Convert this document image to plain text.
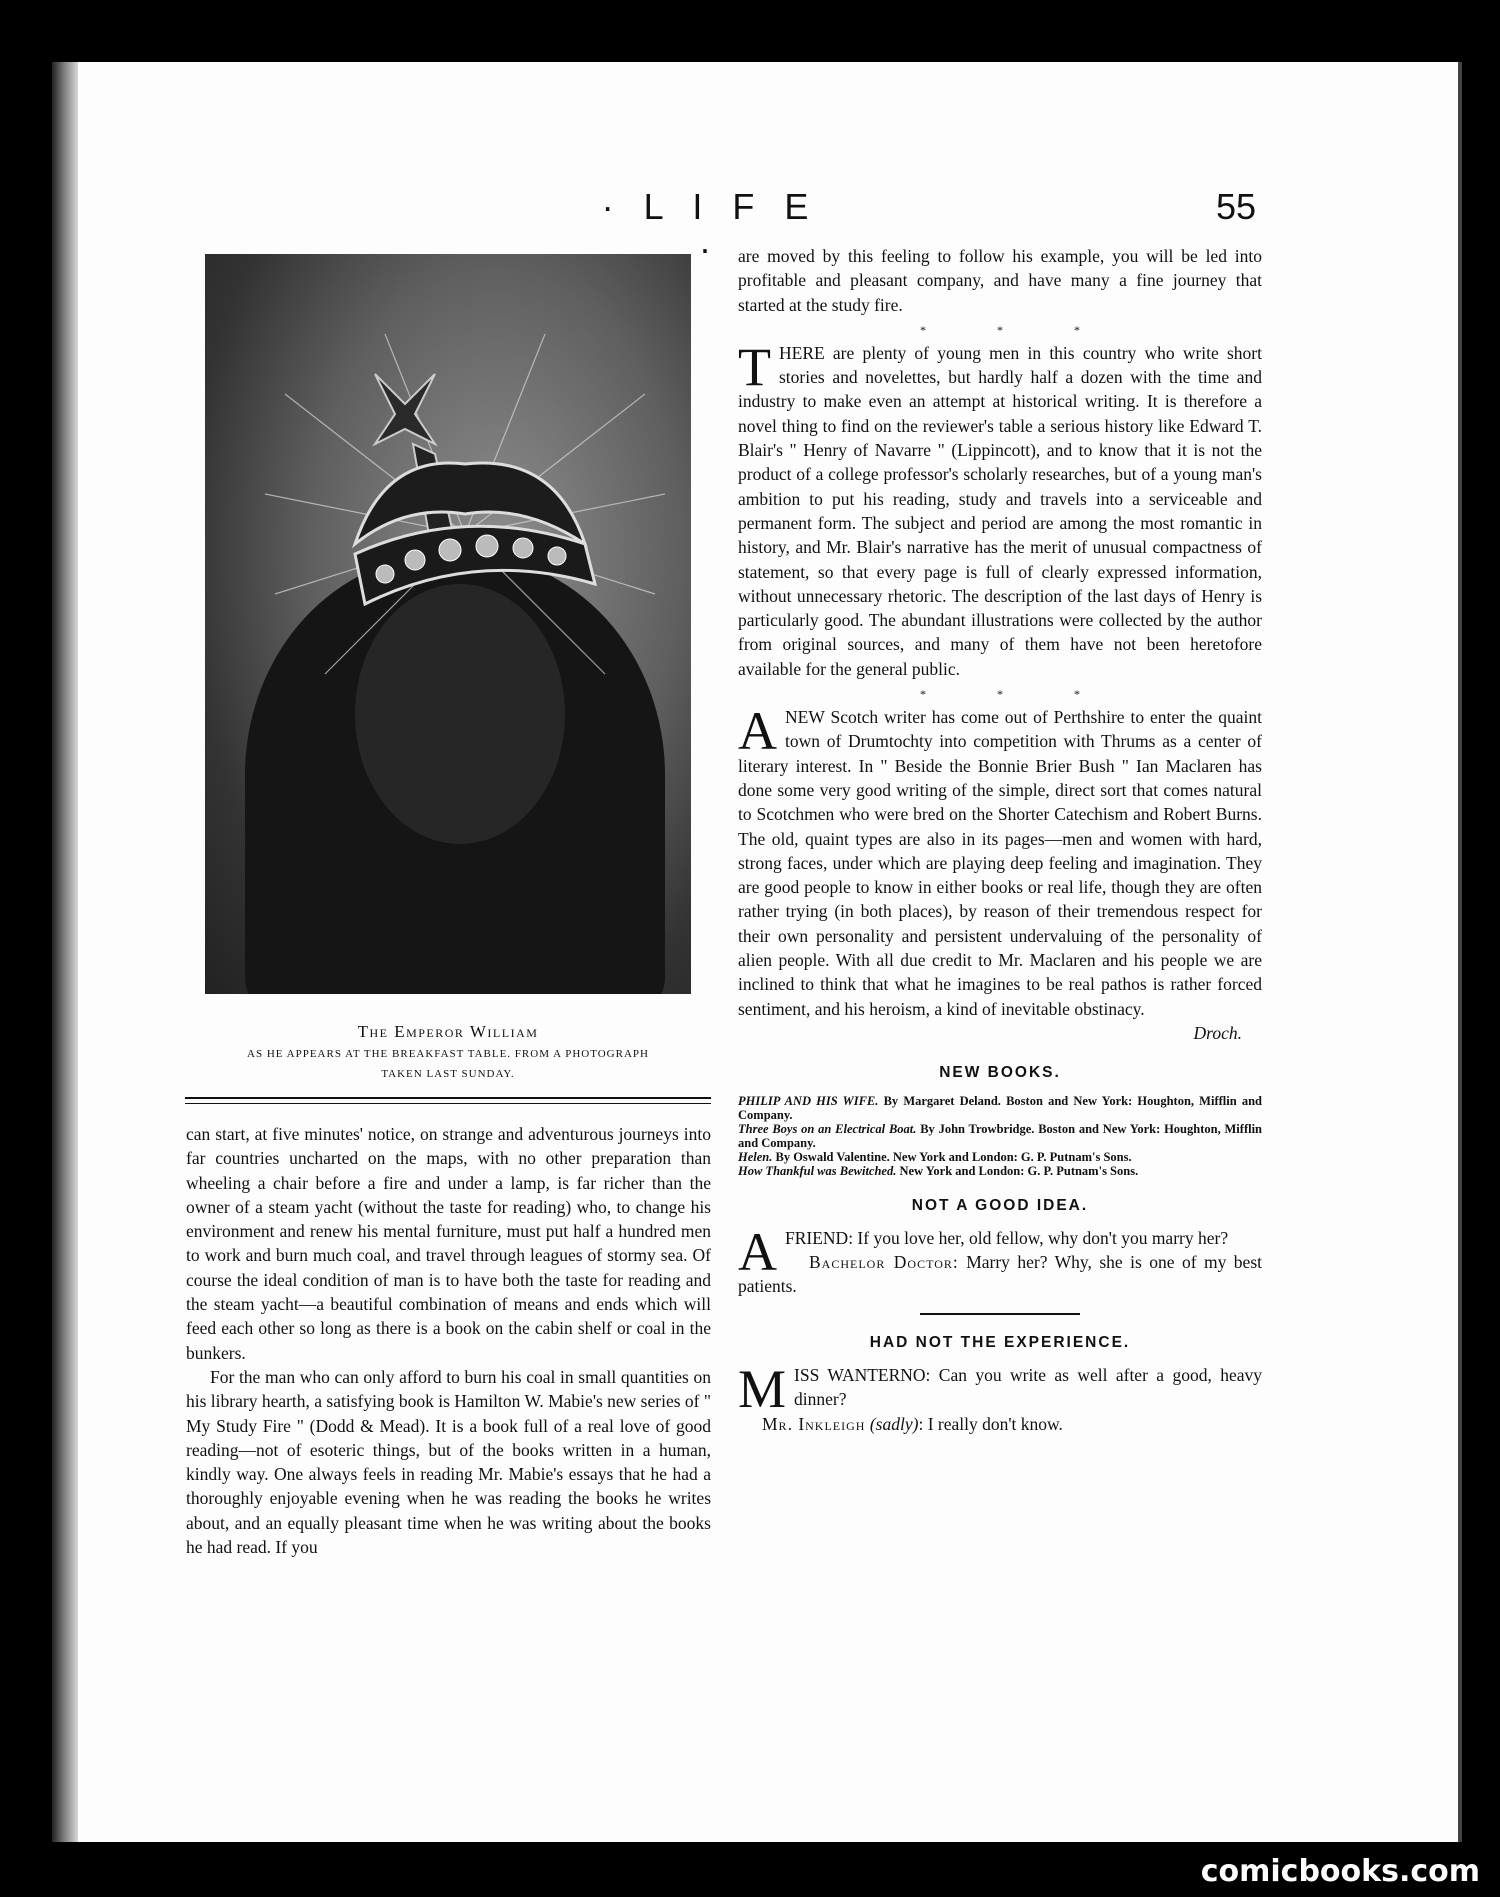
· L I F E ·
55
The Emperor William
AS HE APPEARS AT THE BREAKFAST TABLE. FROM A PHOTOGRAPH
TAKEN LAST SUNDAY.

can start, at five minutes' notice, on strange and adventurous journeys into far countries uncharted on the maps, with no other preparation than wheeling a chair before a fire and under a lamp, is far richer than the owner of a steam yacht (without the taste for reading) who, to change his environment and renew his mental furniture, must put half a hundred men to work and burn much coal, and travel through leagues of stormy sea. Of course the ideal condition of man is to have both the taste for reading and the steam yacht—a beautiful combination of means and ends which will feed each other so long as there is a book on the cabin shelf or coal in the bunkers.

For the man who can only afford to burn his coal in small quantities on his library hearth, a satisfying book is Hamilton W. Mabie's new series of " My Study Fire " (Dodd & Mead). It is a book full of a real love of good reading—not of esoteric things, but of the books written in a human, kindly way. One always feels in reading Mr. Mabie's essays that he had a thoroughly enjoyable evening when he was reading the books he writes about, and an equally pleasant time when he was writing about the books he had read. If you

are moved by this feeling to follow his example, you will be led into profitable and pleasant company, and have many a fine journey that started at the study fire.

* * *

THERE are plenty of young men in this country who write short stories and novelettes, but hardly half a dozen with the time and industry to make even an attempt at historical writing. It is therefore a novel thing to find on the reviewer's table a serious history like Edward T. Blair's " Henry of Navarre " (Lippincott), and to know that it is not the product of a college professor's scholarly researches, but of a young man's ambition to put his reading, study and travels into a serviceable and permanent form. The subject and period are among the most romantic in history, and Mr. Blair's narrative has the merit of unusual compactness of statement, so that every page is full of clearly expressed information, without unnecessary rhetoric. The description of the last days of Henry is particularly good. The abundant illustrations were collected by the author from original sources, and many of them have not been heretofore available for the general public.

* * *

ANEW Scotch writer has come out of Perthshire to enter the quaint town of Drumtochty into competition with Thrums as a center of literary interest. In " Beside the Bonnie Brier Bush " Ian Maclaren has done some very good writing of the simple, direct sort that comes natural to Scotchmen who were bred on the Shorter Catechism and Robert Burns. The old, quaint types are also in its pages—men and women with hard, strong faces, under which are playing deep feeling and imagination. They are good people to know in either books or real life, though they are often rather trying (in both places), by reason of their tremendous respect for their own personality and persistent undervaluing of the personality of alien people. With all due credit to Mr. Maclaren and his people we are inclined to think that what he imagines to be real pathos is rather forced sentiment, and his heroism, a kind of inevitable obstinacy.

Droch.

NEW BOOKS.

PHILIP AND HIS WIFE. By Margaret Deland. Boston and New York: Houghton, Mifflin and Company.

Three Boys on an Electrical Boat. By John Trowbridge. Boston and New York: Houghton, Mifflin and Company.

Helen. By Oswald Valentine. New York and London: G. P. Putnam's Sons.

How Thankful was Bewitched. New York and London: G. P. Putnam's Sons.

NOT A GOOD IDEA.

AFRIEND: If you love her, old fellow, why don't you marry her?

Bachelor Doctor: Marry her? Why, she is one of my best patients.

HAD NOT THE EXPERIENCE.

MISS WANTERNO: Can you write as well after a good, heavy dinner?

Mr. Inkleigh (sadly): I really don't know.

comicbooks.com
